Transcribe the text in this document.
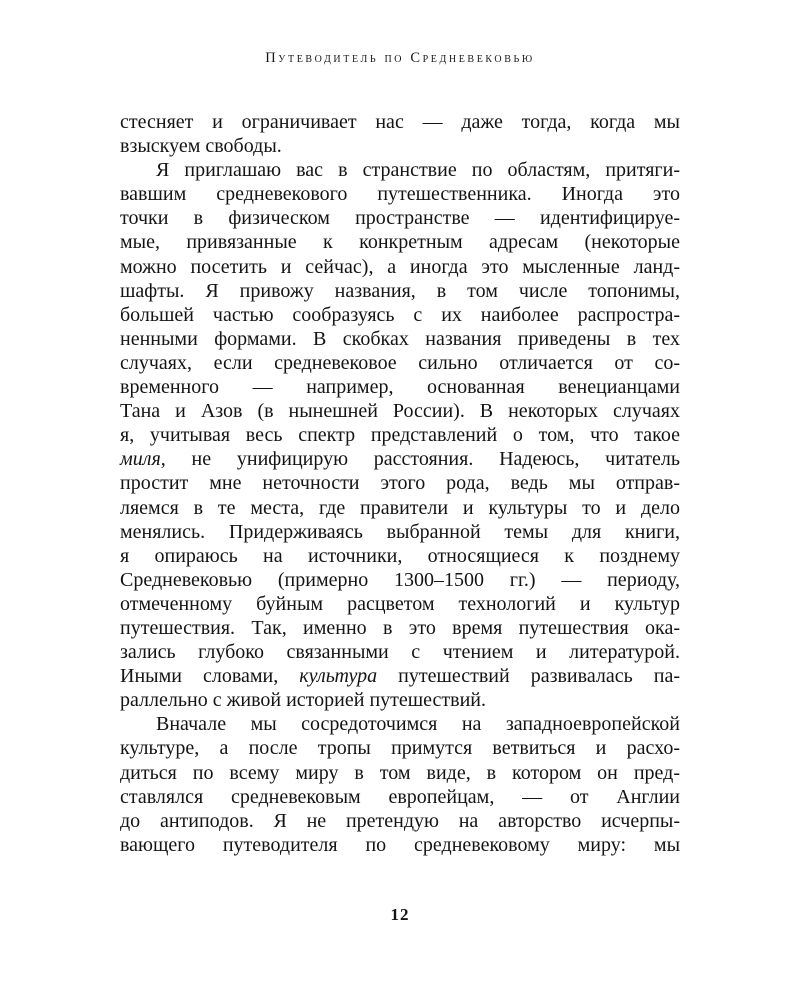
Путеводитель по Средневековью
стесняет и ограничивает нас — даже тогда, когда мы
взыскуем свободы.
Я приглашаю вас в странствие по областям, притяги-
вавшим средневекового путешественника. Иногда это
точки в физическом пространстве — идентифицируе-
мые, привязанные к конкретным адресам (некоторые
можно посетить и сейчас), а иногда это мысленные ланд-
шафты. Я привожу названия, в том числе топонимы,
большей частью сообразуясь с их наиболее распростра-
ненными формами. В скобках названия приведены в тех
случаях, если средневековое сильно отличается от со-
временного — например, основанная венецианцами
Тана и Азов (в нынешней России). В некоторых случаях
я, учитывая весь спектр представлений о том, что такое
миля, не унифицирую расстояния. Надеюсь, читатель
простит мне неточности этого рода, ведь мы отправ-
ляемся в те места, где правители и культуры то и дело
менялись. Придерживаясь выбранной темы для книги,
я опираюсь на источники, относящиеся к позднему
Средневековью (примерно 1300–1500 гг.) — периоду,
отмеченному буйным расцветом технологий и культур
путешествия. Так, именно в это время путешествия ока-
зались глубоко связанными с чтением и литературой.
Иными словами, культура путешествий развивалась па-
раллельно с живой историей путешествий.
Вначале мы сосредоточимся на западноевропейской
культуре, а после тропы примутся ветвиться и расхо-
диться по всему миру в том виде, в котором он пред-
ставлялся средневековым европейцам, — от Англии
до антиподов. Я не претендую на авторство исчерпы-
вающего путеводителя по средневековому миру: мы
12
